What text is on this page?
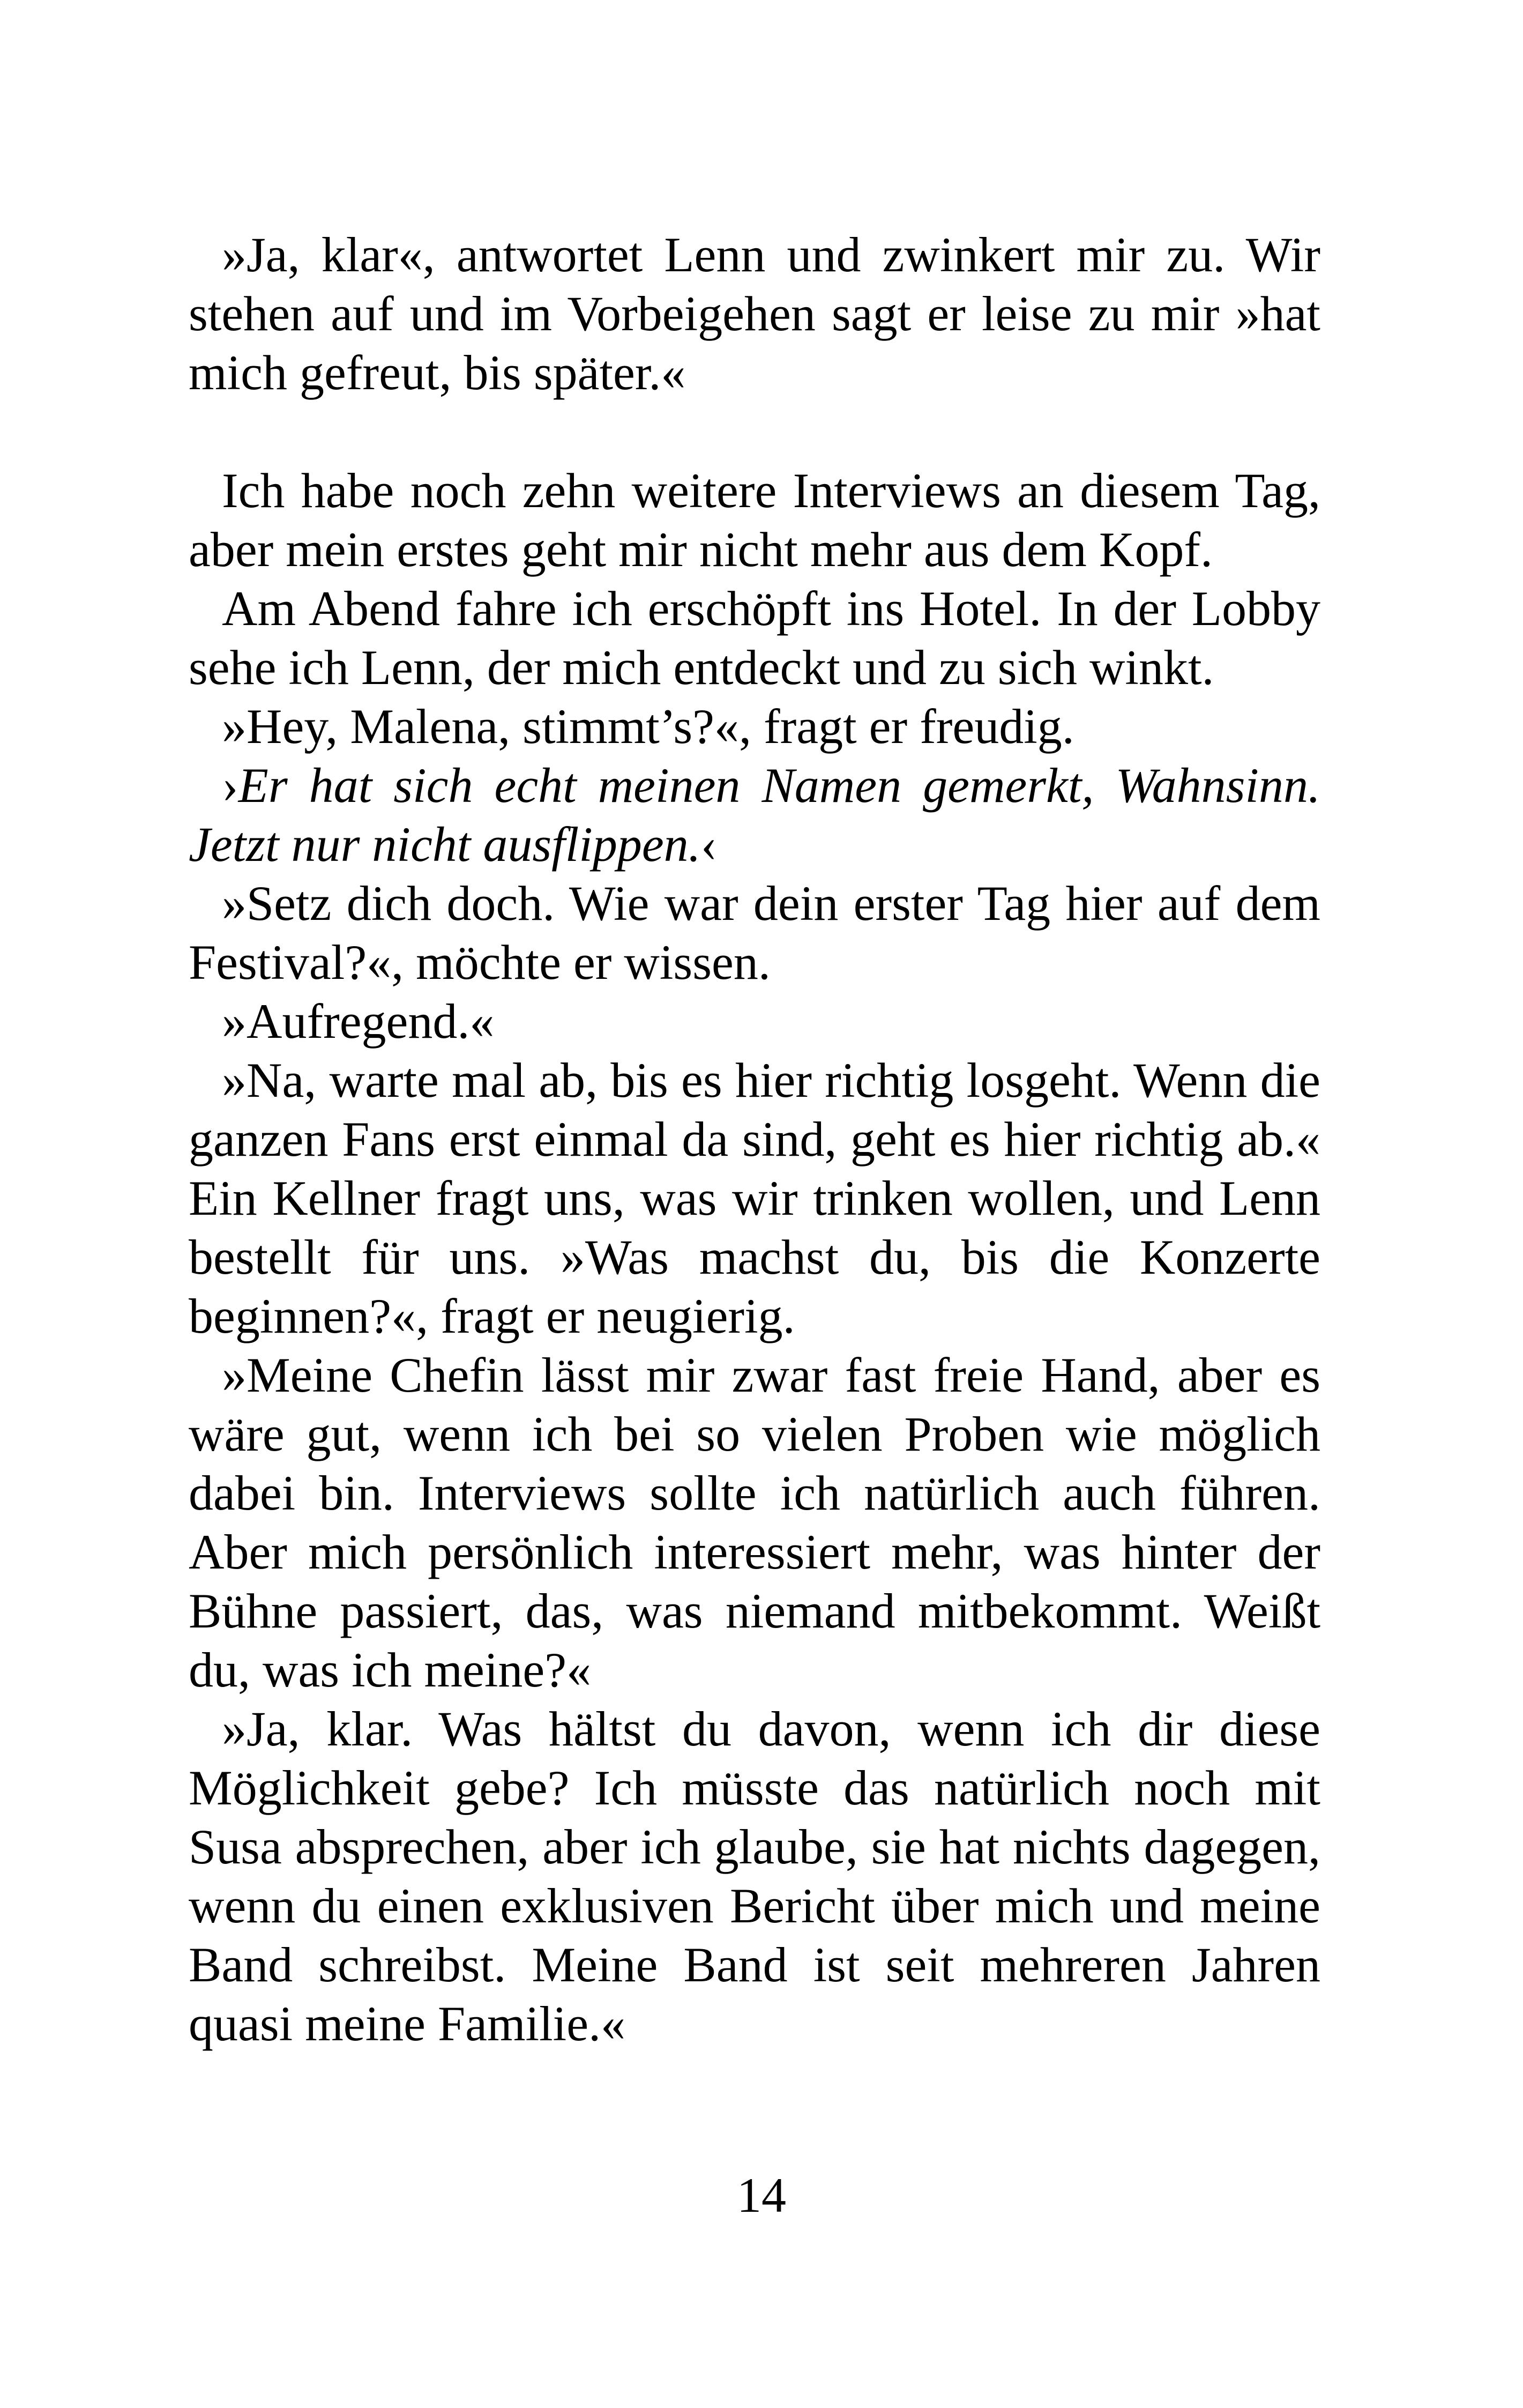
»Ja, klar«, antwortet Lenn und zwinkert mir zu. Wir stehen auf und im Vorbeigehen sagt er leise zu mir »hat mich gefreut, bis später.«

Ich habe noch zehn weitere Interviews an diesem Tag, aber mein erstes geht mir nicht mehr aus dem Kopf.

Am Abend fahre ich erschöpft ins Hotel. In der Lobby sehe ich Lenn, der mich entdeckt und zu sich winkt.

»Hey, Malena, stimmt’s?«, fragt er freudig.

›Er hat sich echt meinen Namen gemerkt, Wahnsinn. Jetzt nur nicht ausflippen.‹

»Setz dich doch. Wie war dein erster Tag hier auf dem Festival?«, möchte er wissen.

»Aufregend.«

»Na, warte mal ab, bis es hier richtig losgeht. Wenn die ganzen Fans erst einmal da sind, geht es hier richtig ab.« Ein Kellner fragt uns, was wir trinken wollen, und Lenn bestellt für uns. »Was machst du, bis die Konzerte beginnen?«, fragt er neugierig.

»Meine Chefin lässt mir zwar fast freie Hand, aber es wäre gut, wenn ich bei so vielen Proben wie möglich dabei bin. Interviews sollte ich natürlich auch führen. Aber mich persönlich interessiert mehr, was hinter der Bühne passiert, das, was niemand mitbekommt. Weißt du, was ich meine?«

»Ja, klar. Was hältst du davon, wenn ich dir diese Möglichkeit gebe? Ich müsste das natürlich noch mit Susa absprechen, aber ich glaube, sie hat nichts dagegen, wenn du einen exklusiven Bericht über mich und meine Band schreibst. Meine Band ist seit mehreren Jahren quasi meine Familie.«

14
